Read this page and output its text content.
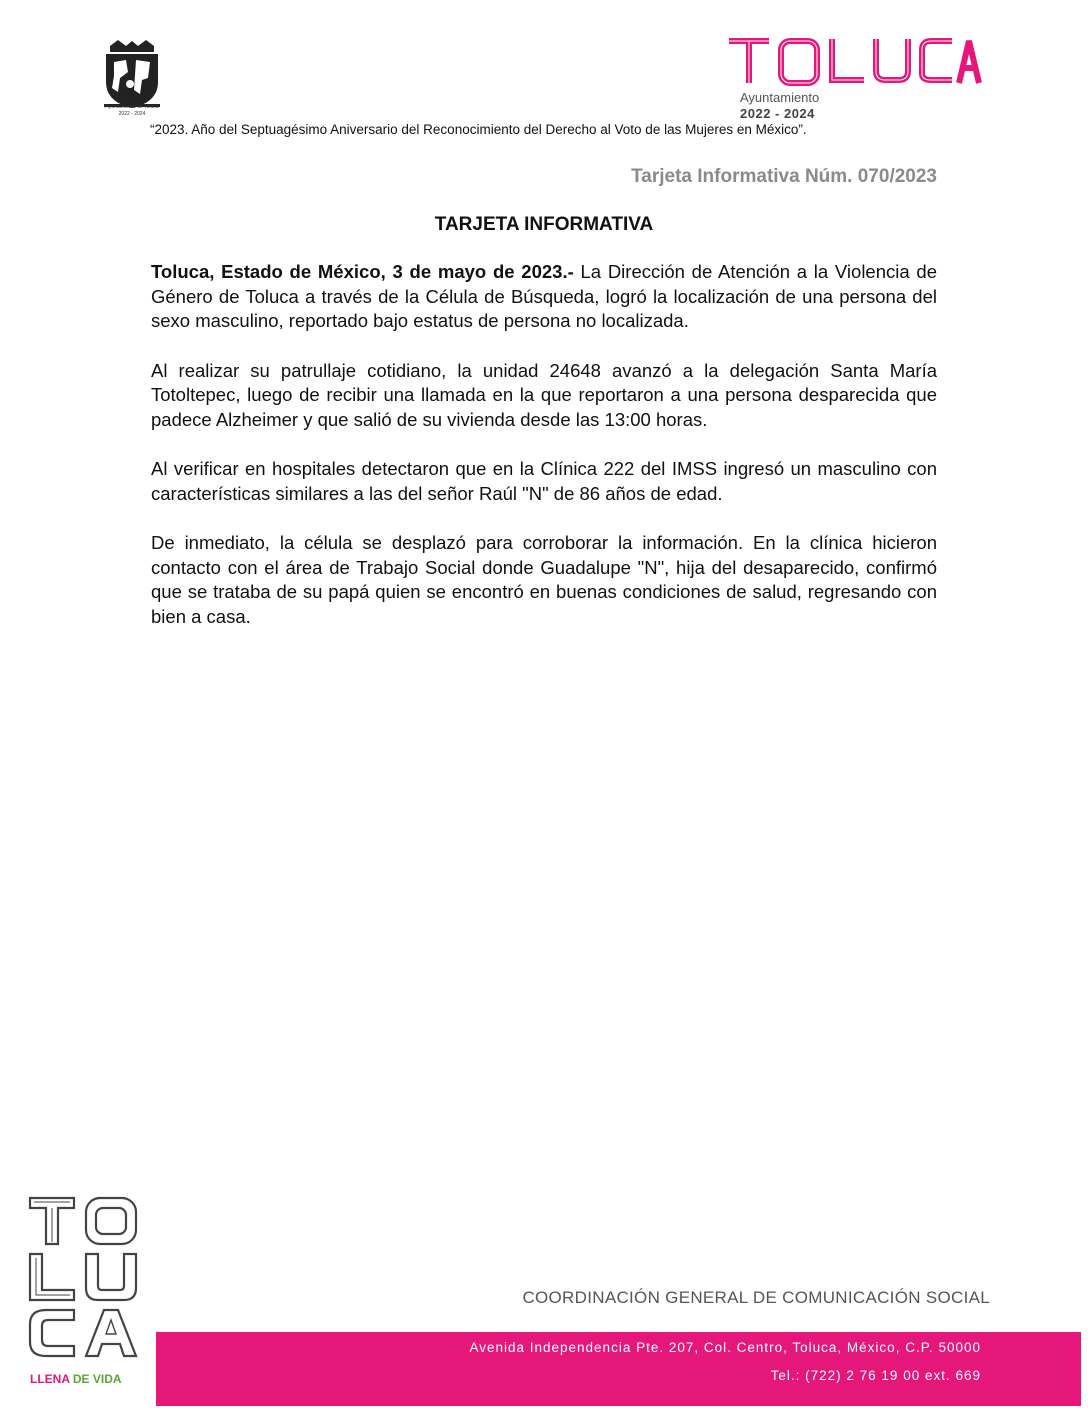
Ayuntamiento de Toluca
2022 - 2024
Ayuntamiento
2022 - 2024
“2023. Año del Septuagésimo Aniversario del Reconocimiento del Derecho al Voto de las Mujeres en México”.
Tarjeta Informativa Núm. 070/2023
TARJETA INFORMATIVA

Toluca, Estado de México, 3 de mayo de 2023.- La Dirección de Atención a la Violencia de Género de Toluca a través de la Célula de Búsqueda, logró la localización de una persona del sexo masculino, reportado bajo estatus de persona no localizada.

Al realizar su patrullaje cotidiano, la unidad 24648 avanzó a la delegación Santa María Totoltepec, luego de recibir una llamada en la que reportaron a una persona desparecida que padece Alzheimer y que salió de su vivienda desde las 13:00 horas.

Al verificar en hospitales detectaron que en la Clínica 222 del IMSS ingresó un masculino con características similares a las del señor Raúl "N" de 86 años de edad.

De inmediato, la célula se desplazó para corroborar la información. En la clínica hicieron contacto con el área de Trabajo Social donde Guadalupe "N", hija del desaparecido, confirmó que se trataba de su papá quien se encontró en buenas condiciones de salud, regresando con bien a casa.

LLENA DE VIDA
COORDINACIÓN GENERAL DE COMUNICACIÓN SOCIAL
Avenida Independencia Pte. 207, Col. Centro, Toluca, México, C.P. 50000
Tel.: (722) 2 76 19 00 ext. 669
